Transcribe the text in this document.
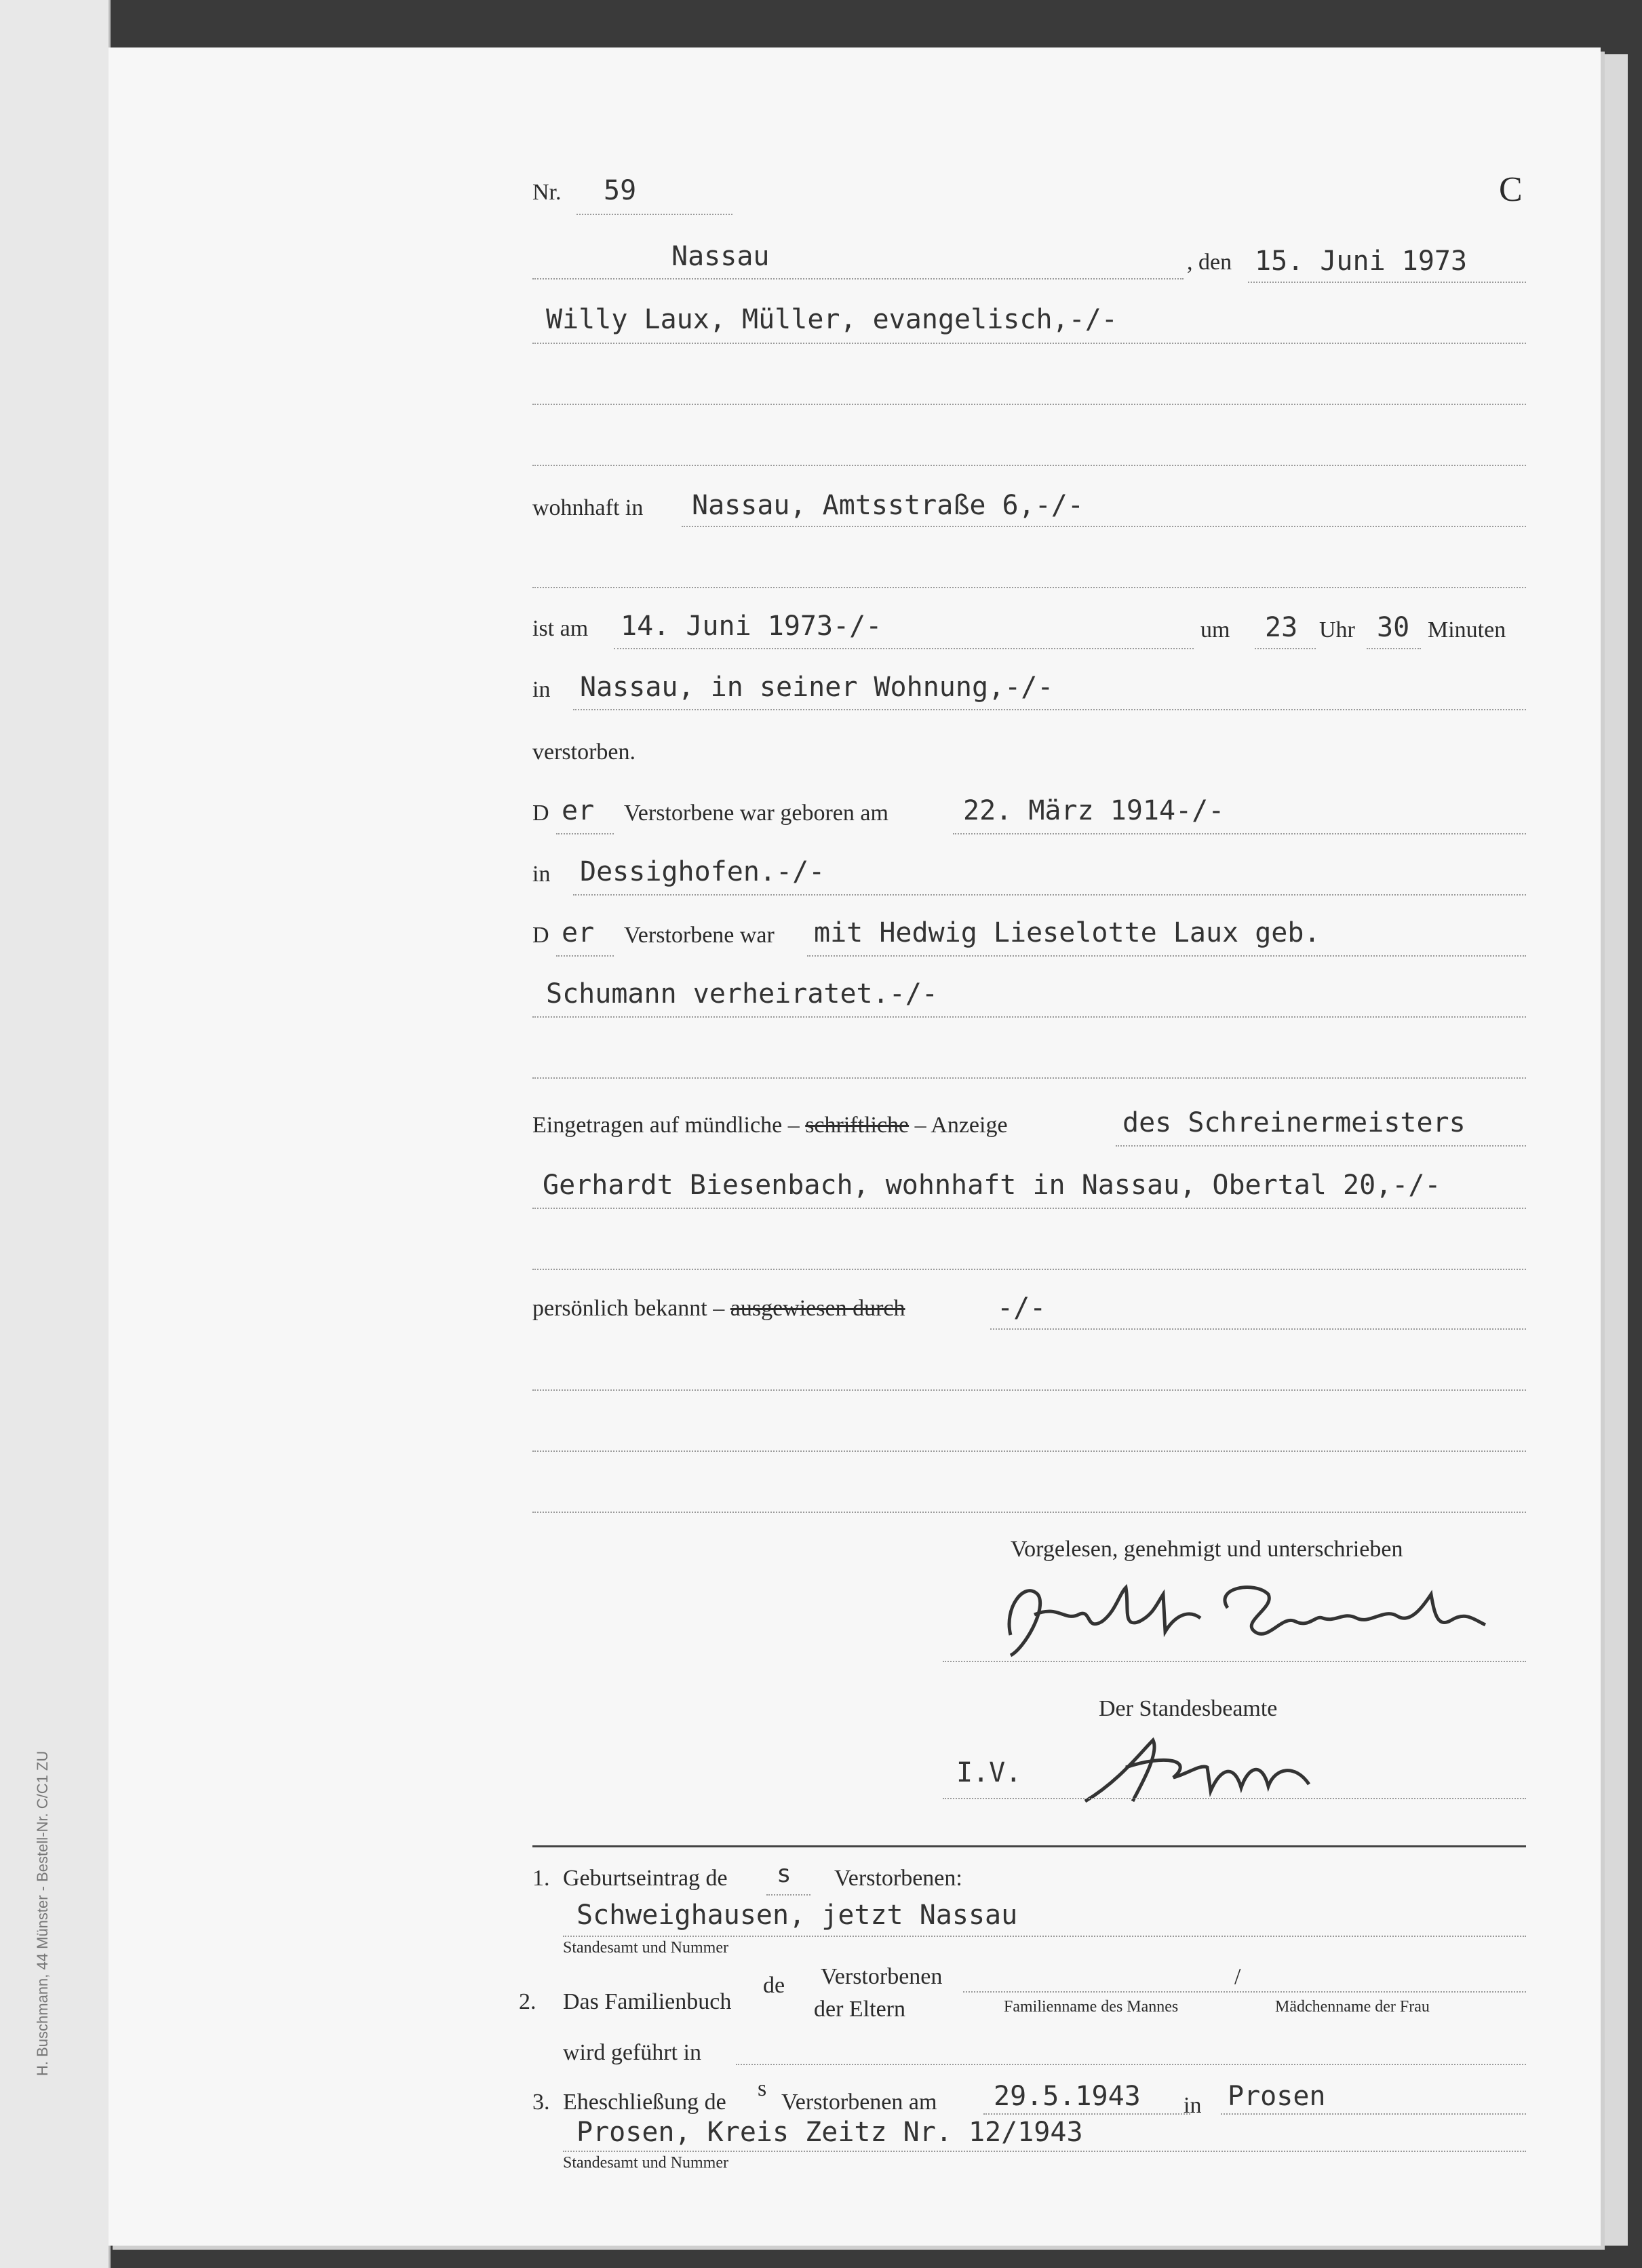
H. Buschmann, 44 Münster - Bestell-Nr. C/C1 ZU
Nr. 59	C
Nassau	, den 15. Juni 1973
Willy Laux, Müller, evangelisch,-/-
wohnhaft in Nassau, Amtsstraße 6,-/-
ist am 14. Juni 1973-/-	um 23 Uhr 30 Minuten
in Nassau, in seiner Wohnung,-/-
verstorben.
D er Verstorbene war geboren am	22. März 1914-/-
in Dessighofen.-/-
D er Verstorbene war mit Hedwig Lieselotte Laux geb.
Schumann verheiratet.-/-
Eingetragen auf mündliche – schriftliche – Anzeige	des Schreinermeisters
Gerhardt Biesenbach, wohnhaft in Nassau, Obertal 20,-/-
persönlich bekannt – ausgewiesen durch	-/-
Vorgelesen, genehmigt und unterschrieben
Der Standesbeamte
I.V.
1. Geburtseintrag de s Verstorbenen:
Schweighausen, jetzt Nassau
Standesamt und Nummer
2. Das Familienbuch
de Verstorbenen
der Eltern	Familienname des Mannes
/
Mädchenname der Frau
wird geführt in
3. Eheschließung de
s
Verstorbenen am 29.5.1943 in Prosen
Prosen, Kreis Zeitz Nr. 12/1943
Standesamt und Nummer
